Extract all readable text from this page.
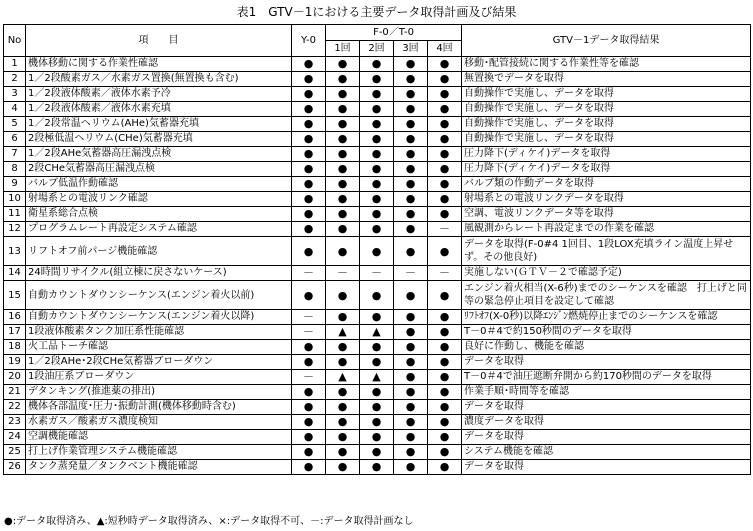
表1　GTV－1における主要データ取得計画及び結果
No	項　　目	Y-0	F-0／T-0				GTV－1データ取得結果
			1回	2回	3回	4回	
1	機体移動に関する作業性確認	●	●	●	●	●	移動･配管接続に関する作業性等を確認
2	1／2段酸素ガス／水素ガス置換(無置換も含む)	●	●	●	●	●	無置換でデータを取得
3	1／2段液体酸素／液体水素予冷	●	●	●	●	●	自動操作で実施し、データを取得
4	1／2段液体酸素／液体水素充填	●	●	●	●	●	自動操作で実施し、データを取得
5	1／2段常温ヘリウム(AHe)気蓄器充填	●	●	●	●	●	自動操作で実施し、データを取得
6	2段極低温ヘリウム(CHe)気蓄器充填	●	●	●	●	●	自動操作で実施し、データを取得
7	1／2段AHe気蓄器高圧漏洩点検	●	●	●	●	●	圧力降下(ディケイ)データを取得
8	2段CHe気蓄器高圧漏洩点検	●	●	●	●	●	圧力降下(ディケイ)データを取得
9	バルブ低温作動確認	●	●	●	●	●	バルブ類の作動データを取得
10	射場系との電波リンク確認	●	●	●	●	●	射場系との電波リンクデータを取得
11	衛星系総合点検	●	●	●	●	●	空調、電波リンクデータ等を取得
12	プログラムレート再設定システム確認	●	●	●	●	－	風観測からレート再設定までの作業を確認
13	リフトオフ前パージ機能確認	●	●	●	●	●	データを取得(F-0#4 1回目、1段LOX充填ライン温度上昇せず。その他良好)
14	24時間リサイクル(組立棟に戻さないケース)	－	－	－	－	－	実施しない(ＧＴＶ－２で確認予定)
15	自動カウントダウンシーケンス(エンジン着火以前)	●	●	●	●	●	エンジン着火相当(X-6秒)までのシーケンスを確認　打上げと同等の緊急停止項目を設定して確認
16	自動カウントダウンシーケンス(エンジン着火以降)	－	●	●	●	●	ﾘﾌﾄｵﾌ(X-0秒)以降ｴﾝｼﾞﾝ燃焼停止までのシーケンスを確認
17	1段液体酸素タンク加圧系性能確認	－	▲	▲	●	●	T－0＃4で約150秒間のデータを取得
18	火工品トーチ確認	●	●	●	●	●	良好に作動し、機能を確認
19	1／2段AHe･2段CHe気蓄器ブローダウン	●	●	●	●	●	データを取得
20	1段油圧系ブローダウン	－	▲	▲	●	●	T－0＃4で油圧遮断弁開から約170秒間のデータを取得
21	デタンキング(推進薬の排出)	●	●	●	●	●	作業手順･時間等を確認
22	機体各部温度･圧力･振動計測(機体移動時含む)	●	●	●	●	●	データを取得
23	水素ガス／酸素ガス濃度検知	●	●	●	●	●	濃度データを取得
24	空調機能確認	●	●	●	●	●	データを取得
25	打上げ作業管理システム機能確認	●	●	●	●	●	システム機能を確認
26	タンク蒸発量／タンクベント機能確認	●	●	●	●	●	データを取得
●:データ取得済み、▲:短秒時データ取得済み、×:データ取得不可、－:データ取得計画なし
